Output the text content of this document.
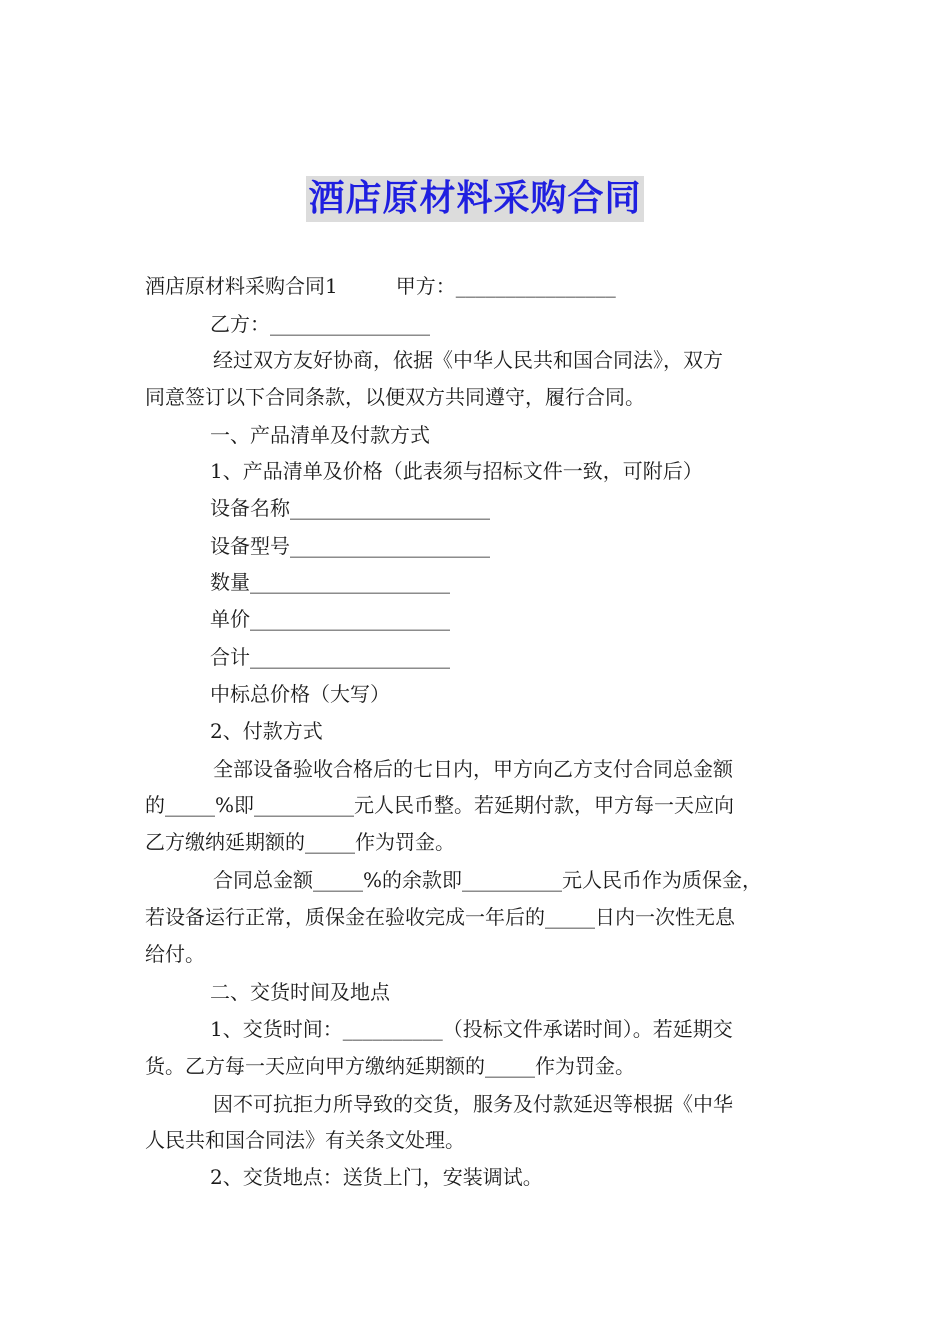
酒店原材料采购合同
酒店原材料采购合同1	甲方：________________
乙方：________________
经过双方友好协商，依据《中华人民共和国合同法》，双方
同意签订以下合同条款，以便双方共同遵守，履行合同。
一、产品清单及付款方式
1、产品清单及价格（此表须与招标文件一致，可附后）
设备名称____________________
设备型号____________________
数量____________________
单价____________________
合计____________________
中标总价格（大写）
2、付款方式
全部设备验收合格后的七日内，甲方向乙方支付合同总金额
的_____%即__________元人民币整。若延期付款，甲方每一天应向
乙方缴纳延期额的_____作为罚金。
合同总金额_____%的余款即__________元人民币作为质保金，
若设备运行正常，质保金在验收完成一年后的_____日内一次性无息
给付。
二、交货时间及地点
1、交货时间：__________（投标文件承诺时间）。若延期交
货。乙方每一天应向甲方缴纳延期额的_____作为罚金。
因不可抗拒力所导致的交货，服务及付款延迟等根据《中华
人民共和国合同法》有关条文处理。
2、交货地点：送货上门，安装调试。
